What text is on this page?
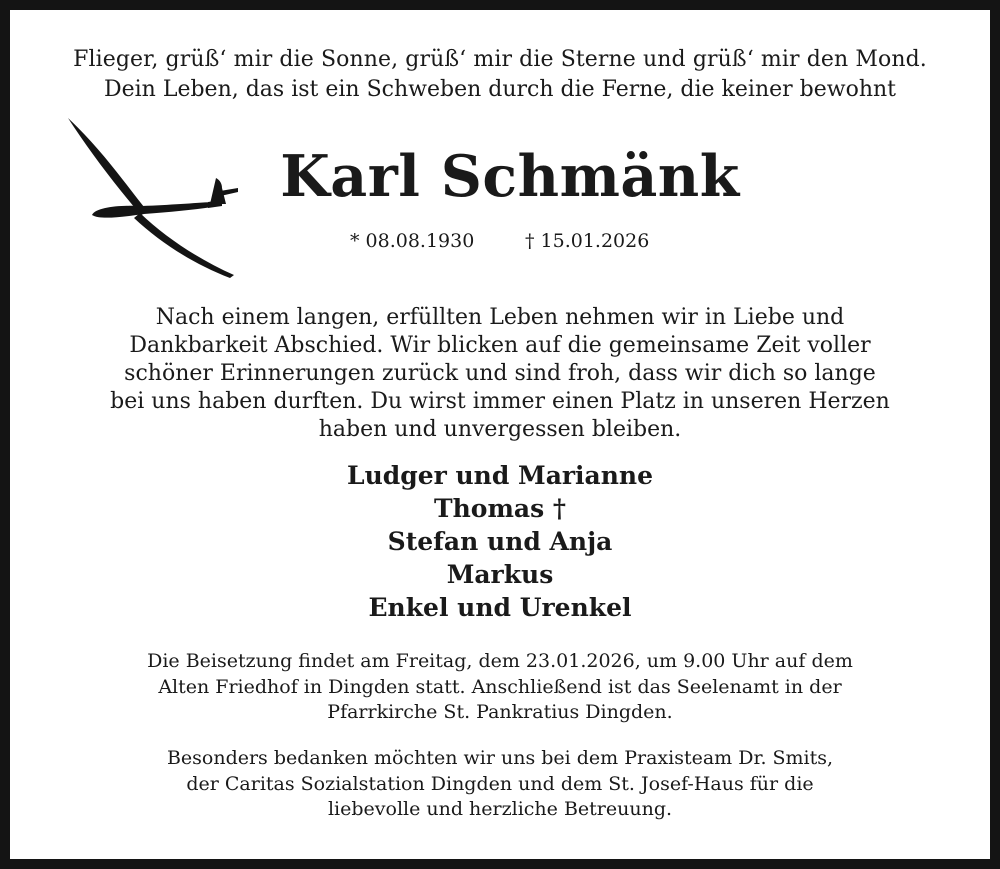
Flieger, grüß‘ mir die Sonne, grüß‘ mir die Sterne und grüß‘ mir den Mond.
Dein Leben, das ist ein Schweben durch die Ferne, die keiner bewohnt
Karl Schmänk
* 08.08.1930	† 15.01.2026
Nach einem langen, erfüllten Leben nehmen wir in Liebe und
Dankbarkeit Abschied. Wir blicken auf die gemeinsame Zeit voller
schöner Erinnerungen zurück und sind froh, dass wir dich so lange
bei uns haben durften. Du wirst immer einen Platz in unseren Herzen
haben und unvergessen bleiben.
Ludger und Marianne
Thomas †
Stefan und Anja
Markus
Enkel und Urenkel
Die Beisetzung findet am Freitag, dem 23.01.2026, um 9.00 Uhr auf dem
Alten Friedhof in Dingden statt. Anschließend ist das Seelenamt in der
Pfarrkirche St. Pankratius Dingden.
Besonders bedanken möchten wir uns bei dem Praxisteam Dr. Smits,
der Caritas Sozialstation Dingden und dem St. Josef-Haus für die
liebevolle und herzliche Betreuung.
